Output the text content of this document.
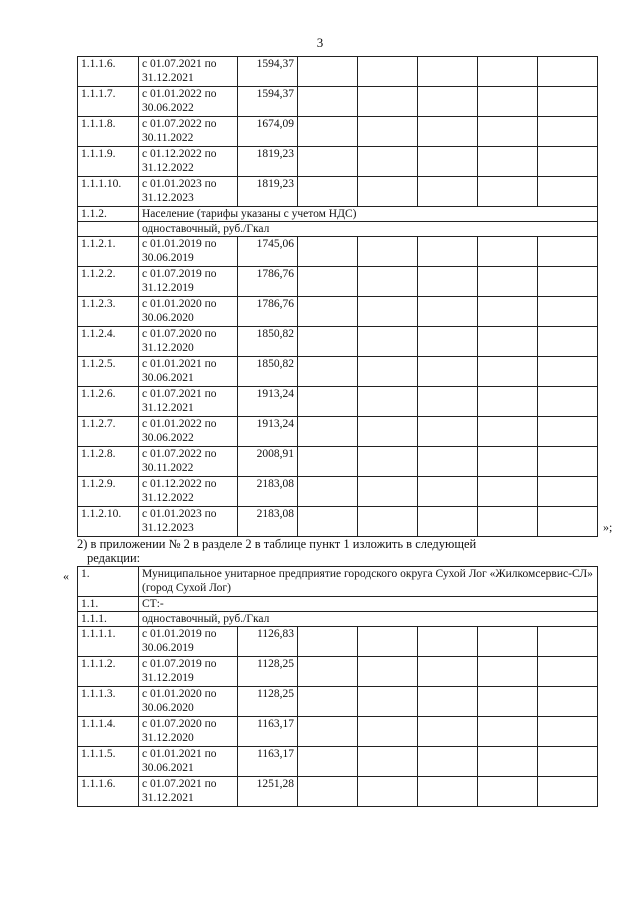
3
1.1.1.6.	с 01.07.2021 по
31.12.2021	1594,37					
1.1.1.7.	с 01.01.2022 по
30.06.2022	1594,37					
1.1.1.8.	с 01.07.2022 по
30.11.2022	1674,09					
1.1.1.9.	с 01.12.2022 по
31.12.2022	1819,23					
1.1.1.10.	с 01.01.2023 по
31.12.2023	1819,23					
1.1.2.	Население (тарифы указаны с учетом НДС)						
	одноставочный, руб./Гкал						
1.1.2.1.	с 01.01.2019 по
30.06.2019	1745,06					
1.1.2.2.	с 01.07.2019 по
31.12.2019	1786,76					
1.1.2.3.	с 01.01.2020 по
30.06.2020	1786,76					
1.1.2.4.	с 01.07.2020 по
31.12.2020	1850,82					
1.1.2.5.	с 01.01.2021 по
30.06.2021	1850,82					
1.1.2.6.	с 01.07.2021 по
31.12.2021	1913,24					
1.1.2.7.	с 01.01.2022 по
30.06.2022	1913,24					
1.1.2.8.	с 01.07.2022 по
30.11.2022	2008,91					
1.1.2.9.	с 01.12.2022 по
31.12.2022	2183,08					
1.1.2.10.	с 01.01.2023 по
31.12.2023	2183,08					
»;
2) в приложении № 2 в разделе 2 в таблице пункт 1 изложить в следующей
редакции:
« 1.	Муниципальное унитарное предприятие городского округа Сухой Лог «Жилкомсервис-СЛ» (город Сухой Лог)						
1.1.	СТ:-						
1.1.1.	одноставочный, руб./Гкал						
1.1.1.1.	с 01.01.2019 по
30.06.2019	1126,83					
1.1.1.2.	с 01.07.2019 по
31.12.2019	1128,25					
1.1.1.3.	с 01.01.2020 по
30.06.2020	1128,25					
1.1.1.4.	с 01.07.2020 по
31.12.2020	1163,17					
1.1.1.5.	с 01.01.2021 по
30.06.2021	1163,17					
1.1.1.6.	с 01.07.2021 по
31.12.2021	1251,28					
